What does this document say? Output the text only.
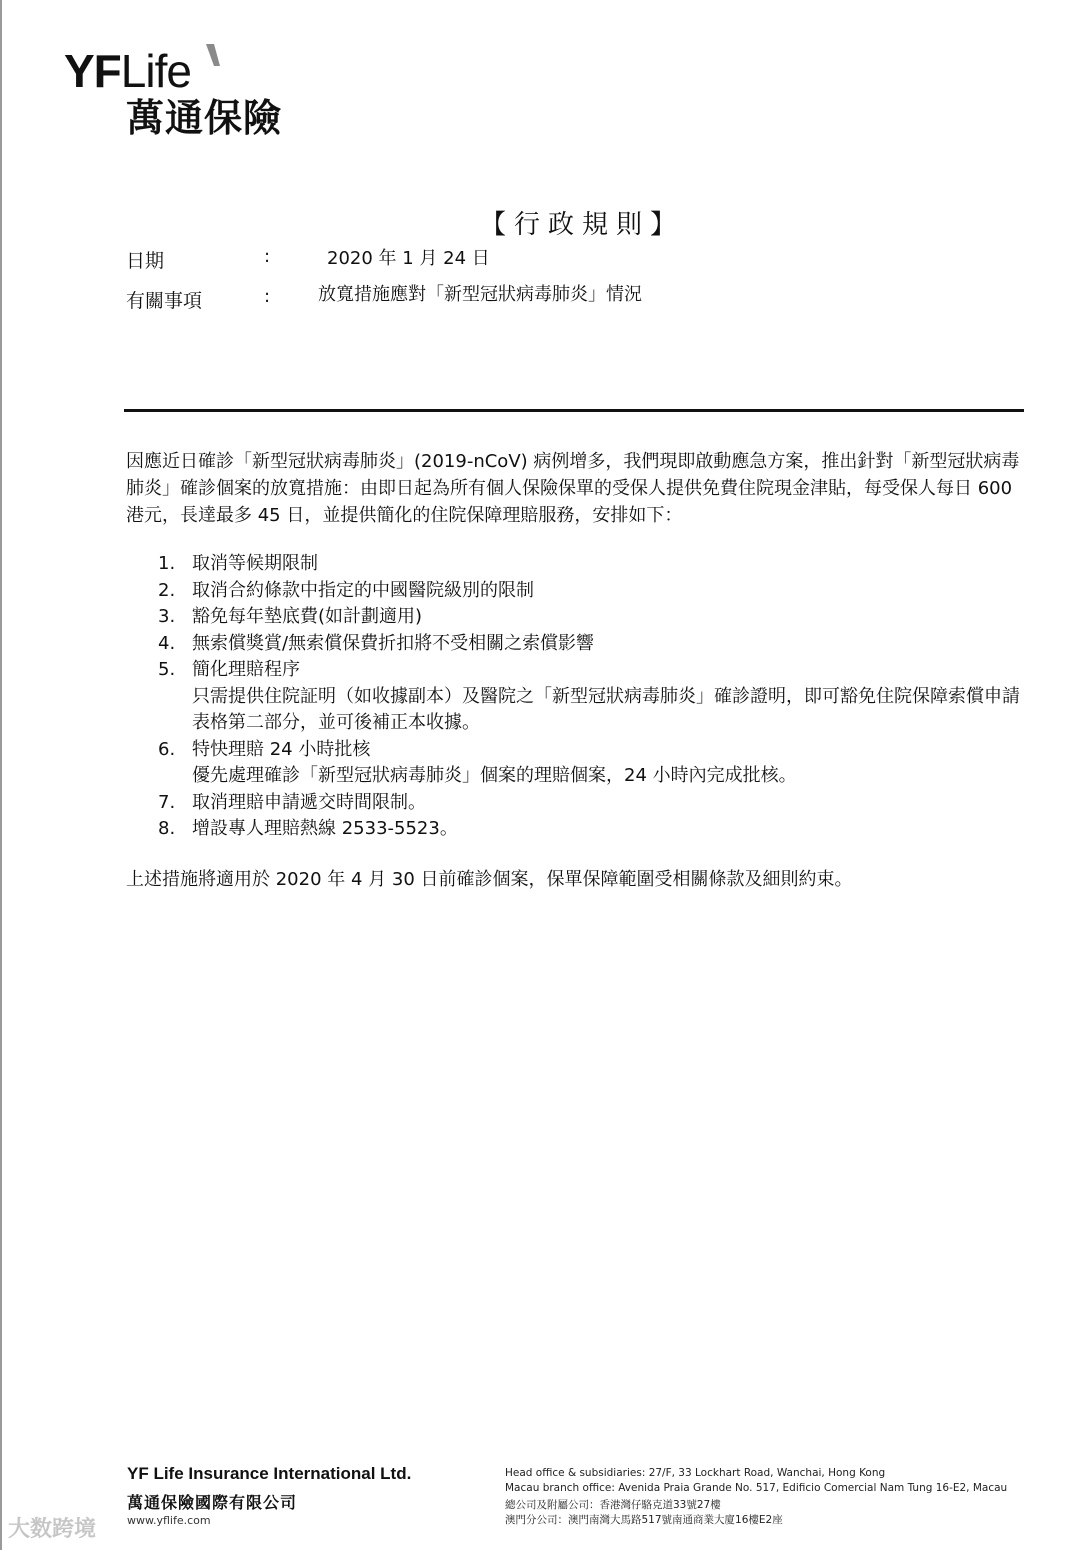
YFLife
萬通保險
【行政規則】
日期	:	2020 年 1 月 24 日
有關事項	:	放寬措施應對「新型冠狀病毒肺炎」情況
因應近日確診「新型冠狀病毒肺炎」(2019-nCoV) 病例增多，我們現即啟動應急方案，推出針對「新型冠狀病毒肺炎」確診個案的放寬措施：由即日起為所有個人保險保單的受保人提供免費住院現金津貼，每受保人每日 600 港元，長達最多 45 日，並提供簡化的住院保障理賠服務，安排如下：
1. 取消等候期限制
2. 取消合約條款中指定的中國醫院級別的限制
3. 豁免每年墊底費(如計劃適用)
4. 無索償獎賞/無索償保費折扣將不受相關之索償影響
5. 簡化理賠程序
只需提供住院証明（如收據副本）及醫院之「新型冠狀病毒肺炎」確診證明，即可豁免住院保障索償申請表格第二部分，並可後補正本收據。
6. 特快理賠 24 小時批核
優先處理確診「新型冠狀病毒肺炎」個案的理賠個案，24 小時內完成批核。
7. 取消理賠申請遞交時間限制。
8. 增設專人理賠熱線 2533-5523。
上述措施將適用於 2020 年 4 月 30 日前確診個案，保單保障範圍受相關條款及細則約束。
YF Life Insurance International Ltd.
萬通保險國際有限公司
www.yflife.com
Head office & subsidiaries: 27/F, 33 Lockhart Road, Wanchai, Hong Kong
Macau branch office: Avenida Praia Grande No. 517, Edificio Comercial Nam Tung 16-E2, Macau
總公司及附屬公司：香港灣仔駱克道33號27樓
澳門分公司：澳門南灣大馬路517號南通商業大廈16樓E2座
大数跨境
